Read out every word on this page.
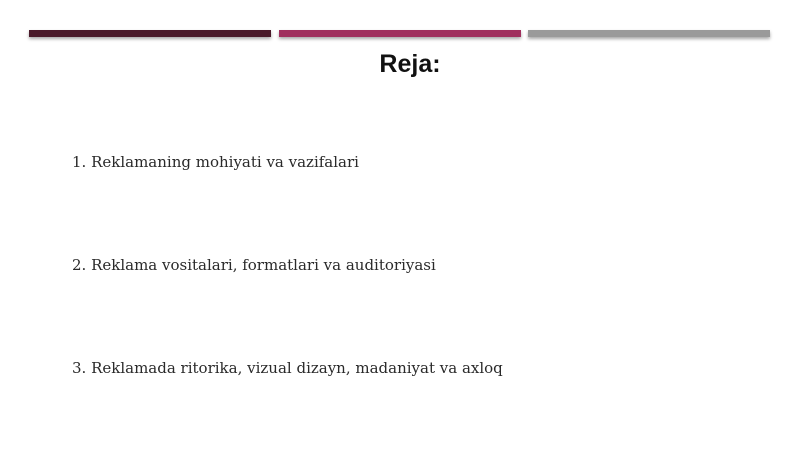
Reja:
1. Reklamaning mohiyati va vazifalari
2. Reklama vositalari, formatlari va auditoriyasi
3. Reklamada ritorika, vizual dizayn, madaniyat va axloq
